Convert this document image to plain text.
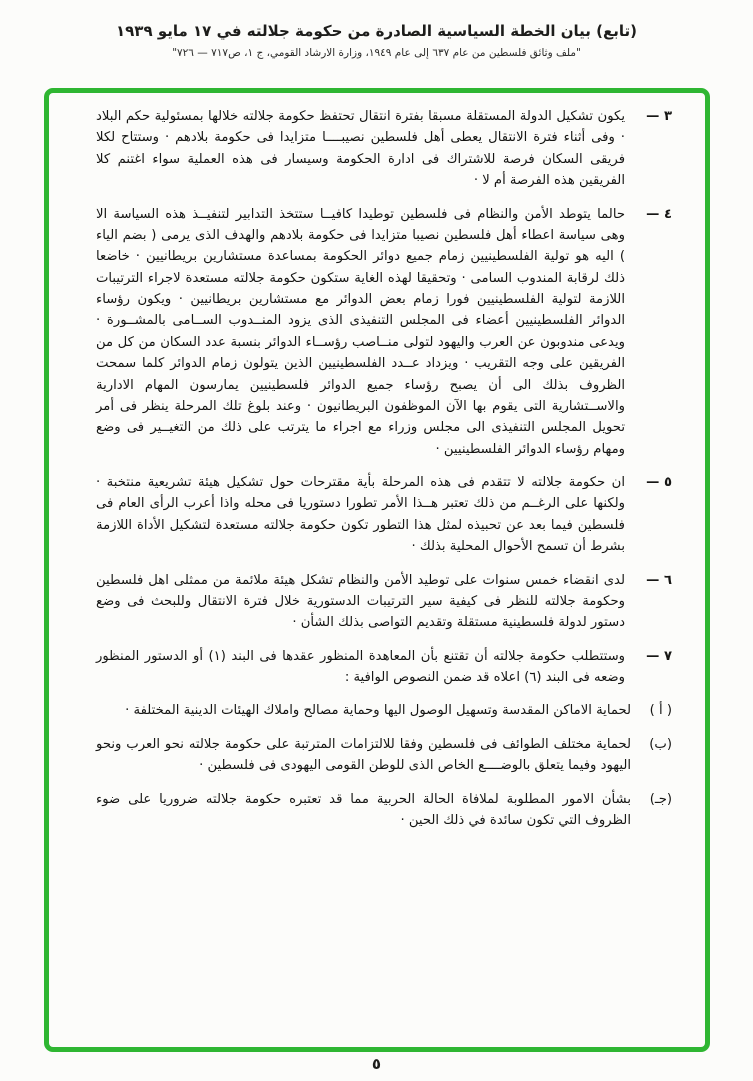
(تابع) بيان الخطة السياسية الصادرة من حكومة جلالته في ١٧ مايو ١٩٣٩
"ملف وثائق فلسطين من عام ٦٣٧ إلى عام ١٩٤٩، وزارة الارشاد القومي، ج ١، ص٧١٧ — ٧٢٦"
٣ —
يكون تشكيل الدولة المستقلة مسبقا بفترة انتقال تحتفظ حكومة جلالته خلالها بمسئولية حكم البلاد · وفى أثناء فترة الانتقال يعطى أهل فلسطين نصيبــــا متزايدا فى حكومة بلادهم · وستتاح لكلا فريقى السكان فرصة للاشتراك فى ادارة الحكومة وسيسار فى هذه العملية سواء اغتنم كلا الفريقين هذه الفرصة أم لا ·
٤ —
حالما يتوطد الأمن والنظام فى فلسطين توطيدا كافيــا ستتخذ التدابير لتنفيــذ هذه السياسة الا وهى سياسة اعطاء أهل فلسطين نصيبا متزايدا فى حكومة بلادهم والهدف الذى يرمى ( بضم الياء ) اليه هو تولية الفلسطينيين زمام جميع دوائر الحكومة بمساعدة مستشارين بريطانيين · خاضعا ذلك لرقابة المندوب السامى · وتحقيقا لهذه الغاية ستكون حكومة جلالته مستعدة لاجراء الترتيبات اللازمة لتولية الفلسطينيين فورا زمام بعض الدوائر مع مستشارين بريطانيين · ويكون رؤساء الدوائر الفلسطينيين أعضاء فى المجلس التنفيذى الذى يزود المنــدوب الســامى بالمشــورة · ويدعى مندوبون عن العرب واليهود لتولى منــاصب رؤســاء الدوائر بنسبة عدد السكان من كل من الفريقين على وجه التقريب · ويزداد عــدد الفلسطينيين الذين يتولون زمام الدوائر كلما سمحت الظروف بذلك الى أن يصبح رؤساء جميع الدوائر فلسطينيين يمارسون المهام الادارية والاســتشارية التى يقوم بها الآن الموظفون البريطانيون · وعند بلوغ تلك المرحلة ينظر فى أمر تحويل المجلس التنفيذى الى مجلس وزراء مع اجراء ما يترتب على ذلك من التغيــير فى وضع ومهام رؤساء الدوائر الفلسطينيين ·
٥ —
ان حكومة جلالته لا تتقدم فى هذه المرحلة بأية مقترحات حول تشكيل هيئة تشريعية منتخبة · ولكنها على الرغــم من ذلك تعتبر هــذا الأمر تطورا دستوريا فى محله واذا أعرب الرأى العام فى فلسطين فيما بعد عن تحبيذه لمثل هذا التطور تكون حكومة جلالته مستعدة لتشكيل الأداة اللازمة بشرط أن تسمح الأحوال المحلية بذلك ·
٦ —
لدى انقضاء خمس سنوات على توطيد الأمن والنظام تشكل هيئة ملائمة من ممثلى اهل فلسطين وحكومة جلالته للنظر فى كيفية سير الترتيبات الدستورية خلال فترة الانتقال وللبحث فى وضع دستور لدولة فلسطينية مستقلة وتقديم التواصى بذلك الشأن ·
٧ —
وستتطلب حكومة جلالته أن تقتنع بأن المعاهدة المنظور عقدها فى البند (١) أو الدستور المنظور وضعه فى البند (٦) اعلاه قد ضمن النصوص الوافية :
( أ )
لحماية الاماكن المقدسة وتسهيل الوصول اليها وحماية مصالح واملاك الهيئات الدينية المختلفة ·
(ب)
لحماية مختلف الطوائف فى فلسطين وفقا للالتزامات المترتبة على حكومة جلالته نحو العرب ونحو اليهود وفيما يتعلق بالوضــــع الخاص الذى للوطن القومى اليهودى فى فلسطين ·
(جـ)
بشأن الامور المطلوبة لملافاة الحالة الحربية مما قد تعتبره حكومة جلالته ضروريا على ضوء الظروف التي تكون سائدة في ذلك الحين ·
٥
